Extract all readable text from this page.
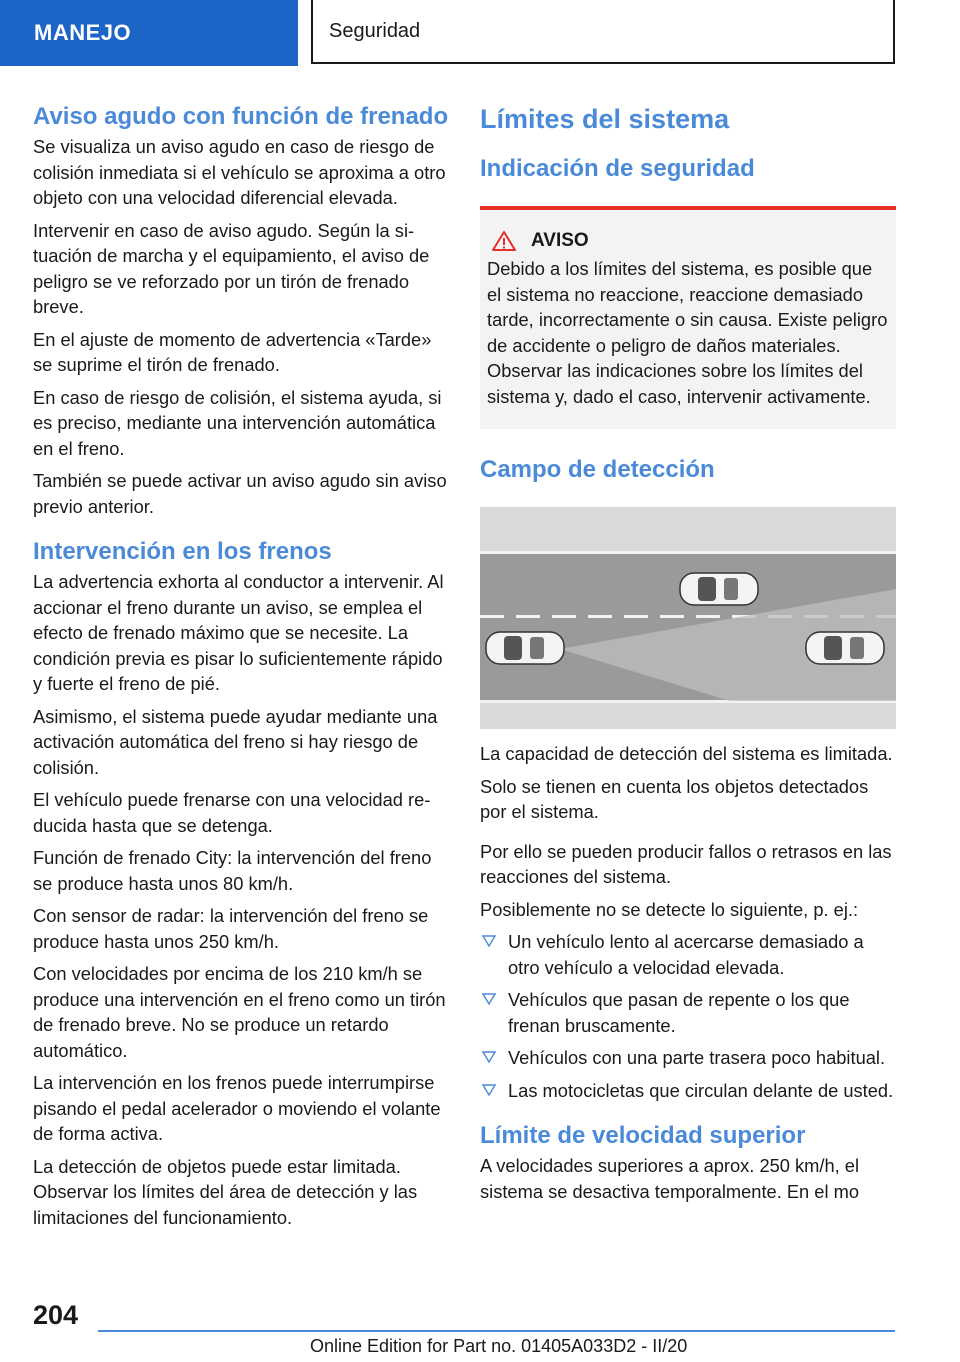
MANEJO	Seguridad
Aviso agudo con función de frenado

Se visualiza un aviso agudo en caso de riesgo de colisión inmediata si el vehículo se aproxima a otro objeto con una velocidad diferencial elevada.

Intervenir en caso de aviso agudo. Según la situación de marcha y el equipamiento, el aviso de peligro se ve reforzado por un tirón de frenado breve.

En el ajuste de momento de advertencia «Tarde» se suprime el tirón de frenado.

En caso de riesgo de colisión, el sistema ayuda, si es preciso, mediante una intervención automática en el freno.

También se puede activar un aviso agudo sin aviso previo anterior.

Intervención en los frenos

La advertencia exhorta al conductor a intervenir. Al accionar el freno durante un aviso, se emplea el efecto de frenado máximo que se necesite. La condición previa es pisar lo suficientemente rápido y fuerte el freno de pié.

Asimismo, el sistema puede ayudar mediante una activación automática del freno si hay riesgo de colisión.

El vehículo puede frenarse con una velocidad reducida hasta que se detenga.

Función de frenado City: la intervención del freno se produce hasta unos 80 km/h.

Con sensor de radar: la intervención del freno se produce hasta unos 250 km/h.

Con velocidades por encima de los 210 km/h se produce una intervención en el freno como un tirón de frenado breve. No se produce un retardo automático.

La intervención en los frenos puede interrumpirse pisando el pedal acelerador o moviendo el volante de forma activa.

La detección de objetos puede estar limitada. Observar los límites del área de detección y las limitaciones del funcionamiento.

Límites del sistema
Indicación de seguridad
AVISO

Debido a los límites del sistema, es posible que el sistema no reaccione, reaccione demasiado tarde, incorrectamente o sin causa. Existe peligro de accidente o peligro de daños materiales. Observar las indicaciones sobre los límites del sistema y, dado el caso, intervenir activamente.

Campo de detección

La capacidad de detección del sistema es limitada.

Solo se tienen en cuenta los objetos detectados por el sistema.

Por ello se pueden producir fallos o retrasos en las reacciones del sistema.

Posiblemente no se detecte lo siguiente, p. ej.:

Un vehículo lento al acercarse demasiado a otro vehículo a velocidad elevada.
Vehículos que pasan de repente o los que frenan bruscamente.
Vehículos con una parte trasera poco habitual.
Las motocicletas que circulan delante de usted.
Límite de velocidad superior

A velocidades superiores a aprox. 250 km/h, el sistema se desactiva temporalmente. En el mo

204
Online Edition for Part no. 01405A033D2 - II/20
